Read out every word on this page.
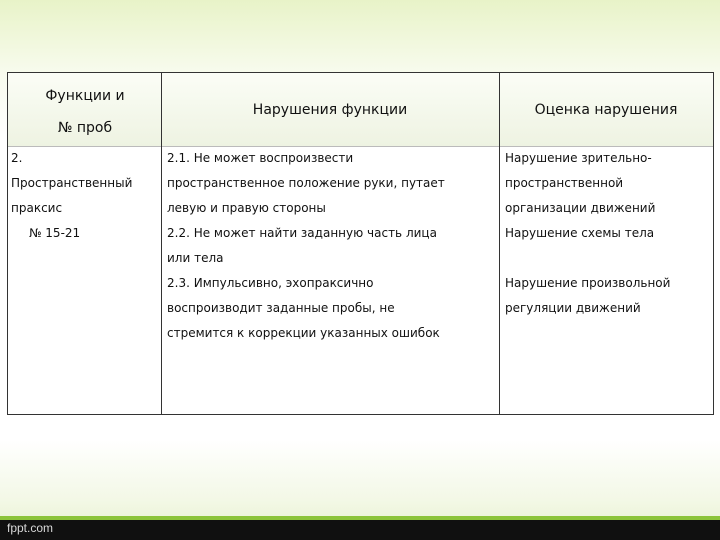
Функции и
№ проб
Нарушения функции	Оценка нарушения
2.
Пространственный
праксис
№ 15-21
2.1. Не может воспроизвести
пространственное положение руки, путает
левую и правую стороны
2.2. Не может найти заданную часть лица
или тела
2.3. Импульсивно, эхопраксично
воспроизводит заданные пробы, не
стремится к коррекции указанных ошибок
Нарушение зрительно-
пространственной
организации движений
Нарушение схемы тела
Нарушение произвольной
регуляции движений
fppt.com
